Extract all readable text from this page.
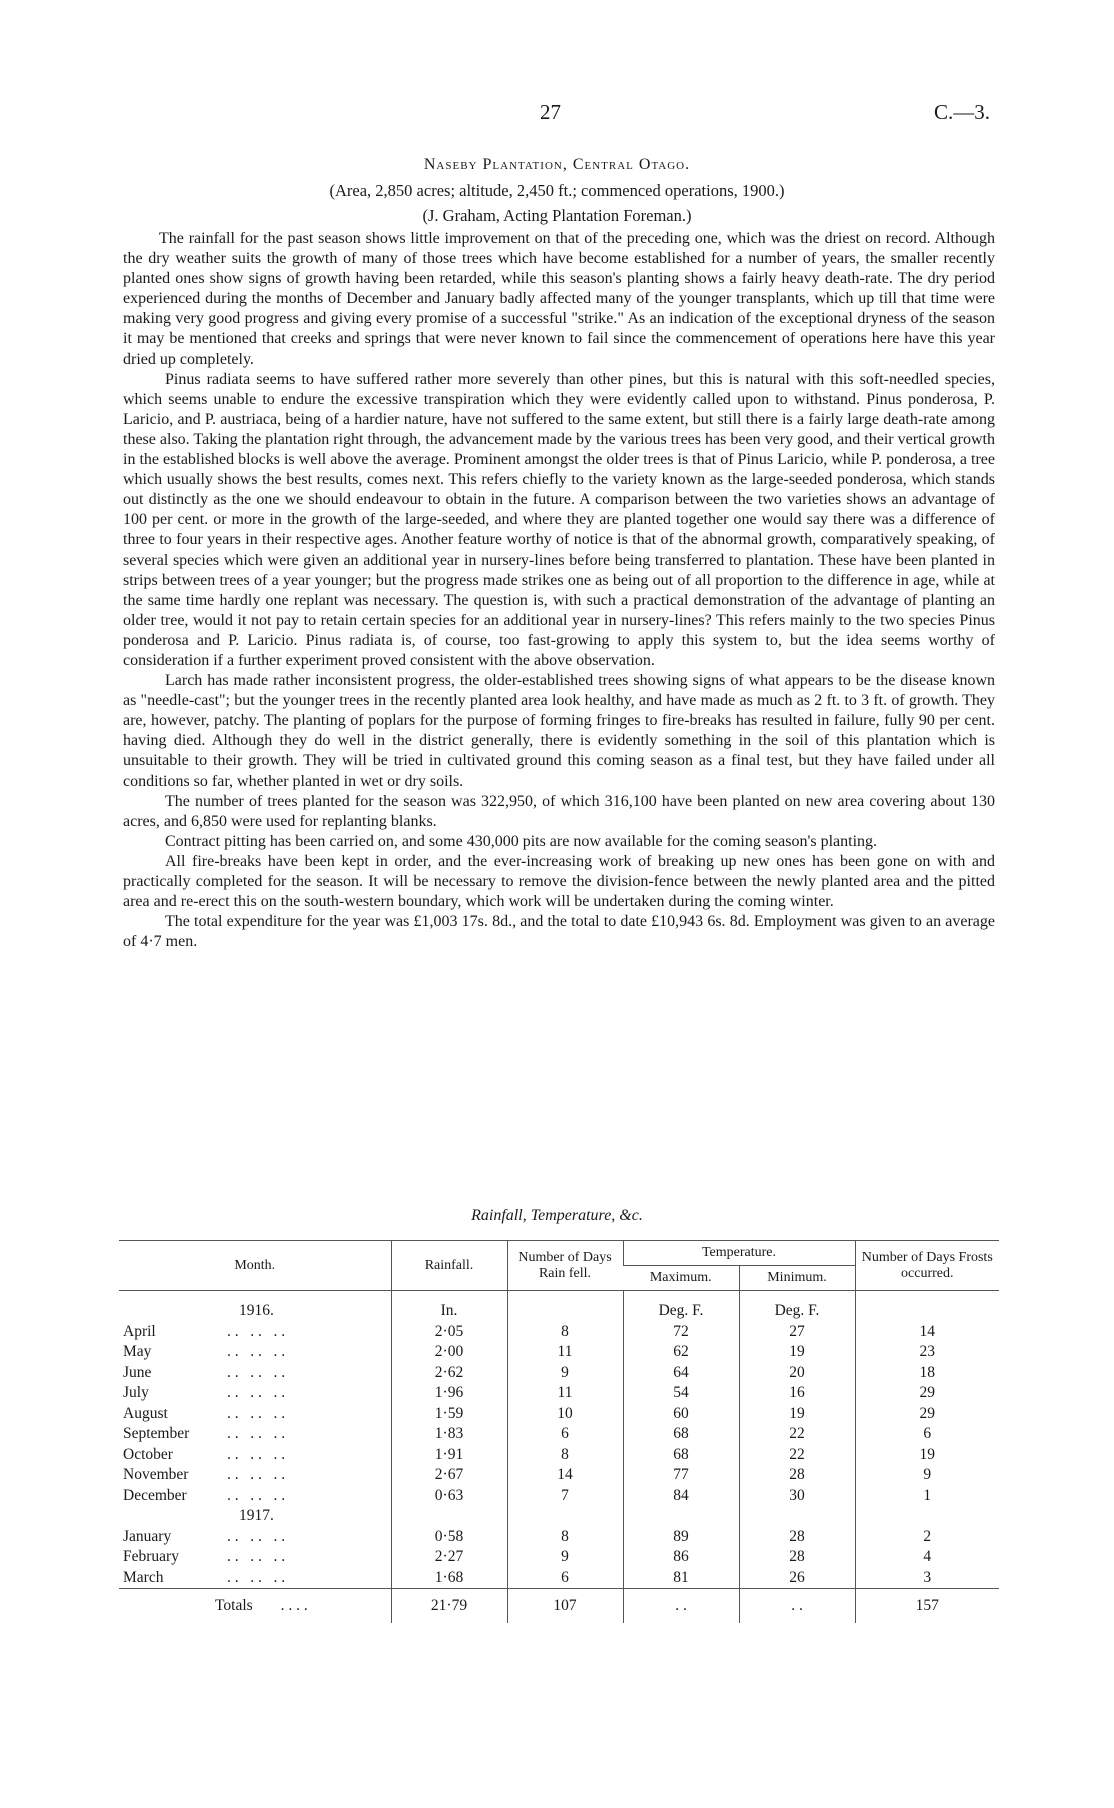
27	C.—3.
Naseby Plantation, Central Otago.
(Area, 2,850 acres; altitude, 2,450 ft.; commenced operations, 1900.)
(J. Graham, Acting Plantation Foreman.)

The rainfall for the past season shows little improvement on that of the preceding one, which was the driest on record. Although the dry weather suits the growth of many of those trees which have become established for a number of years, the smaller recently planted ones show signs of growth having been retarded, while this season's planting shows a fairly heavy death-rate. The dry period experienced during the months of December and January badly affected many of the younger transplants, which up till that time were making very good progress and giving every promise of a successful "strike." As an indication of the exceptional dryness of the season it may be mentioned that creeks and springs that were never known to fail since the commencement of operations here have this year dried up completely.

Pinus radiata seems to have suffered rather more severely than other pines, but this is natural with this soft-needled species, which seems unable to endure the excessive transpiration which they were evidently called upon to withstand. Pinus ponderosa, P. Laricio, and P. austriaca, being of a hardier nature, have not suffered to the same extent, but still there is a fairly large death-rate among these also. Taking the plantation right through, the advancement made by the various trees has been very good, and their vertical growth in the established blocks is well above the average. Prominent amongst the older trees is that of Pinus Laricio, while P. ponderosa, a tree which usually shows the best results, comes next. This refers chiefly to the variety known as the large-seeded ponderosa, which stands out distinctly as the one we should endeavour to obtain in the future. A comparison between the two varieties shows an advantage of 100 per cent. or more in the growth of the large-seeded, and where they are planted together one would say there was a difference of three to four years in their respective ages. Another feature worthy of notice is that of the abnormal growth, comparatively speaking, of several species which were given an additional year in nursery-lines before being transferred to plantation. These have been planted in strips between trees of a year younger; but the progress made strikes one as being out of all proportion to the difference in age, while at the same time hardly one replant was necessary. The question is, with such a practical demonstration of the advantage of planting an older tree, would it not pay to retain certain species for an additional year in nursery-lines? This refers mainly to the two species Pinus ponderosa and P. Laricio. Pinus radiata is, of course, too fast-growing to apply this system to, but the idea seems worthy of consideration if a further experiment proved consistent with the above observation.

Larch has made rather inconsistent progress, the older-established trees showing signs of what appears to be the disease known as "needle-cast"; but the younger trees in the recently planted area look healthy, and have made as much as 2 ft. to 3 ft. of growth. They are, however, patchy. The planting of poplars for the purpose of forming fringes to fire-breaks has resulted in failure, fully 90 per cent. having died. Although they do well in the district generally, there is evidently something in the soil of this plantation which is unsuitable to their growth. They will be tried in cultivated ground this coming season as a final test, but they have failed under all conditions so far, whether planted in wet or dry soils.

The number of trees planted for the season was 322,950, of which 316,100 have been planted on new area covering about 130 acres, and 6,850 were used for replanting blanks.

Contract pitting has been carried on, and some 430,000 pits are now available for the coming season's planting.

All fire-breaks have been kept in order, and the ever-increasing work of breaking up new ones has been gone on with and practically completed for the season. It will be necessary to remove the division-fence between the newly planted area and the pitted area and re-erect this on the south-western boundary, which work will be undertaken during the coming winter.

The total expenditure for the year was £1,003 17s. 8d., and the total to date £10,943 6s. 8d. Employment was given to an average of 4·7 men.

Rainfall, Temperature, &c.
Month.	Rainfall.	Number of Days Rain fell.	Temperature.		Number of Days Frosts occurred.
			Maximum.	Minimum.	
1916.	In.		Deg. F.	Deg. F.	
April . .   . .   . .	2·05	8	72	27	14
May . .   . .   . .	2·00	11	62	19	23
June . .   . .   . .	2·62	9	64	20	18
July . .   . .   . .	1·96	11	54	16	29
August . .   . .   . .	1·59	10	60	19	29
September . .   . .   . .	1·83	6	68	22	6
October . .   . .   . .	1·91	8	68	22	19
November . .   . .   . .	2·67	14	77	28	9
December . .   . .   . .	0·63	7	84	30	1
1917.					
January . .   . .   . .	0·58	8	89	28	2
February . .   . .   . .	2·27	9	86	28	4
March . .   . .   . .	1·68	6	81	26	3
Totals . . . .	21·79	107	. .	. .	157
